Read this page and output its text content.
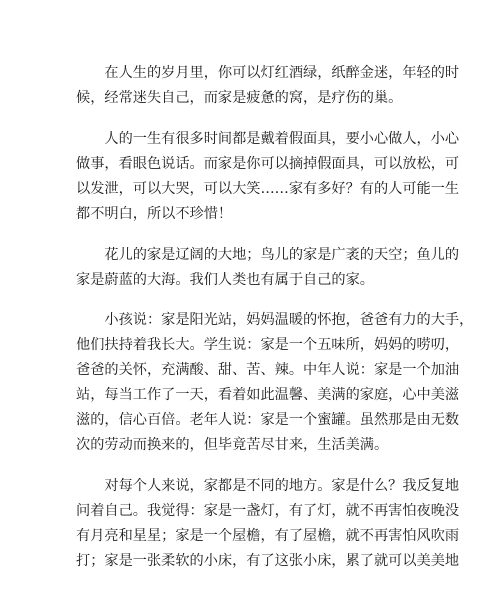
　　在人生的岁月里，你可以灯红酒绿，纸醉金迷，年轻的时
候，经常迷失自己，而家是疲惫的窝，是疗伤的巢。

　　人的一生有很多时间都是戴着假面具，要小心做人，小心
做事，看眼色说话。而家是你可以摘掉假面具，可以放松，可
以发泄，可以大哭，可以大笑……家有多好？有的人可能一生
都不明白，所以不珍惜！

　　花儿的家是辽阔的大地；鸟儿的家是广袤的天空；鱼儿的
家是蔚蓝的大海。我们人类也有属于自己的家。

　　小孩说：家是阳光站，妈妈温暖的怀抱，爸爸有力的大手，
他们扶持着我长大。学生说：家是一个五味所，妈妈的唠叨，
爸爸的关怀，充满酸、甜、苦、辣。中年人说：家是一个加油
站，每当工作了一天，看着如此温馨、美满的家庭，心中美滋
滋的，信心百倍。老年人说：家是一个蜜罐。虽然那是由无数
次的劳动而换来的，但毕竟苦尽甘来，生活美满。

　　对每个人来说，家都是不同的地方。家是什么？我反复地
问着自己。我觉得：家是一盏灯，有了灯，就不再害怕夜晚没
有月亮和星星；家是一个屋檐，有了屋檐，就不再害怕风吹雨
打；家是一张柔软的小床，有了这张小床，累了就可以美美地
